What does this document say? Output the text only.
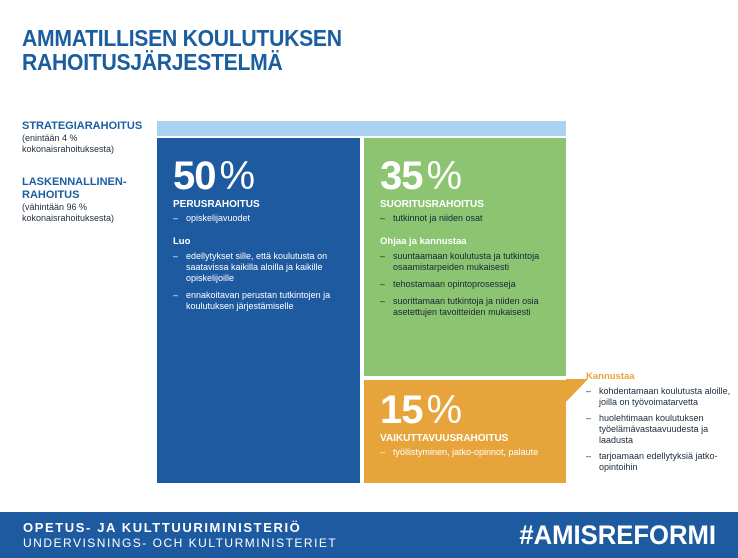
AMMATILLISEN KOULUTUKSEN
RAHOITUSJÄRJESTELMÄ
STRATEGIARAHOITUS
(enintään 4 %
kokonaisrahoituksesta)
LASKENNALLINEN-
RAHOITUS
(vähintään 96 %
kokonaisrahoituksesta)
50 %
PERUSRAHOITUS
– opiskelijavuodet
Luo
– edellytykset sille, että koulutusta on saatavissa kaikilla aloilla ja kaikille opiskelijoille
– ennakoitavan perustan tutkintojen ja koulutuksen järjestämiselle
35 %
SUORITUSRAHOITUS
– tutkinnot ja niiden osat
Ohjaa ja kannustaa
– suuntaamaan koulutusta ja tutkintoja osaamistarpeiden mukaisesti
– tehostamaan opintoprosesseja
– suorittamaan tutkintoja ja niiden osia asetettujen tavoitteiden mukaisesti
15 %
VAIKUTTAVUUSRAHOITUS
– työllistyminen, jatko-opinnot, palaute
Kannustaa
– kohdentamaan koulutusta aloille, joilla on työvoimatarvetta
– huolehtimaan koulutuksen työelämävastaavuudesta ja laadusta
– tarjoamaan edellytyksiä jatko-opintoihin
OPETUS- JA KULTTUURIMINISTERIÖ
UNDERVISNINGS- OCH KULTURMINISTERIET	#AMISREFORMI
